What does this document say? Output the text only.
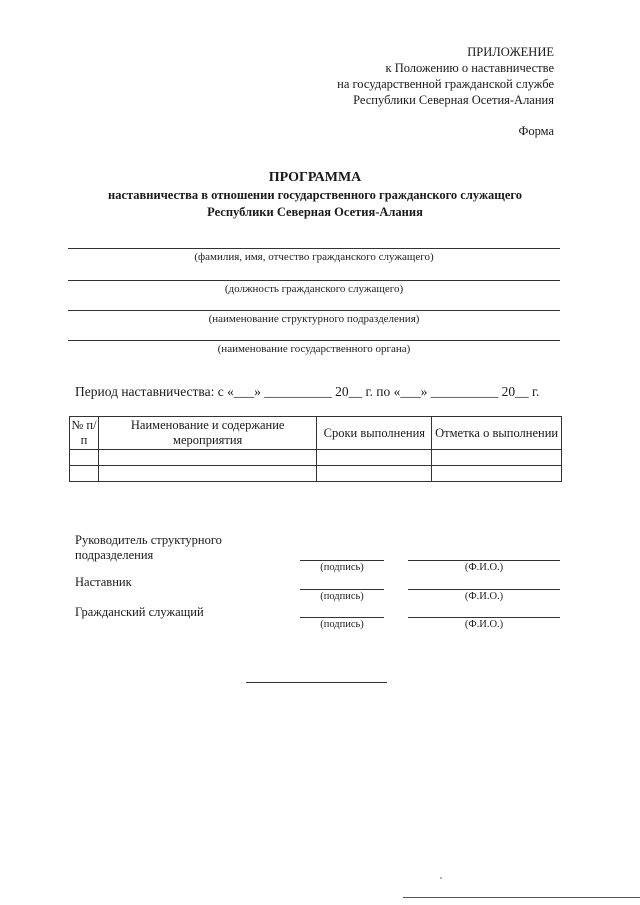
ПРИЛОЖЕНИЕ
к Положению о наставничестве
на государственной гражданской службе
Республики Северная Осетия-Алания
Форма
ПРОГРАММА
наставничества в отношении государственного гражданского служащего
Республики Северная Осетия-Алания
(фамилия, имя, отчество гражданского служащего)
(должность гражданского служащего)
(наименование структурного подразделения)
(наименование государственного органа)
Период наставничества: с «___» __________ 20__ г. по «___» __________ 20__ г.
№ п/п	Наименование и содержание мероприятия	Сроки выполнения	Отметка о выполнении

Руководитель структурного подразделения
(подпись)	(Ф.И.О.)
Наставник
(подпись)	(Ф.И.О.)
Гражданский служащий
(подпись)	(Ф.И.О.)
